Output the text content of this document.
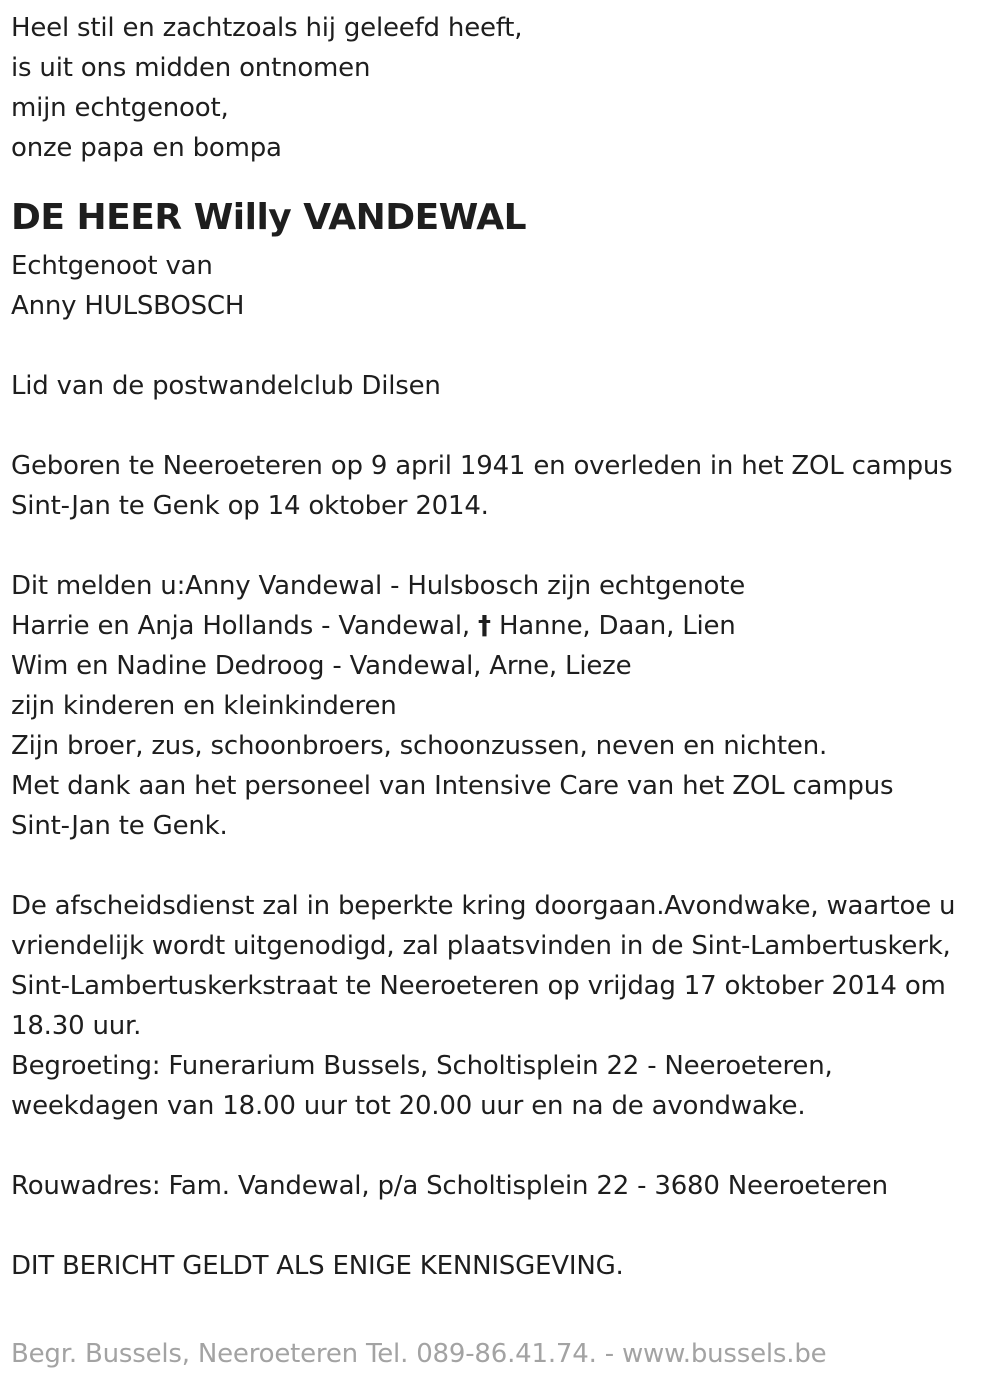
Heel stil en zachtzoals hij geleefd heeft,
is uit ons midden ontnomen
mijn echtgenoot,
onze papa en bompa
DE HEER Willy VANDEWAL
Echtgenoot van
Anny HULSBOSCH
Lid van de postwandelclub Dilsen
Geboren te Neeroeteren op 9 april 1941 en overleden in het ZOL campus
Sint-Jan te Genk op 14 oktober 2014.
Dit melden u:Anny Vandewal - Hulsbosch zijn echtgenote
Harrie en Anja Hollands - Vandewal, † Hanne, Daan, Lien
Wim en Nadine Dedroog - Vandewal, Arne, Lieze
zijn kinderen en kleinkinderen
Zijn broer, zus, schoonbroers, schoonzussen, neven en nichten.
Met dank aan het personeel van Intensive Care van het ZOL campus
Sint-Jan te Genk.
De afscheidsdienst zal in beperkte kring doorgaan.Avondwake, waartoe u
vriendelijk wordt uitgenodigd, zal plaatsvinden in de Sint-Lambertuskerk,
Sint-Lambertuskerkstraat te Neeroeteren op vrijdag 17 oktober 2014 om
18.30 uur.
Begroeting: Funerarium Bussels, Scholtisplein 22 - Neeroeteren,
weekdagen van 18.00 uur tot 20.00 uur en na de avondwake.
Rouwadres: Fam. Vandewal, p/a Scholtisplein 22 - 3680 Neeroeteren
DIT BERICHT GELDT ALS ENIGE KENNISGEVING.
Begr. Bussels, Neeroeteren Tel. 089-86.41.74. - www.bussels.be
